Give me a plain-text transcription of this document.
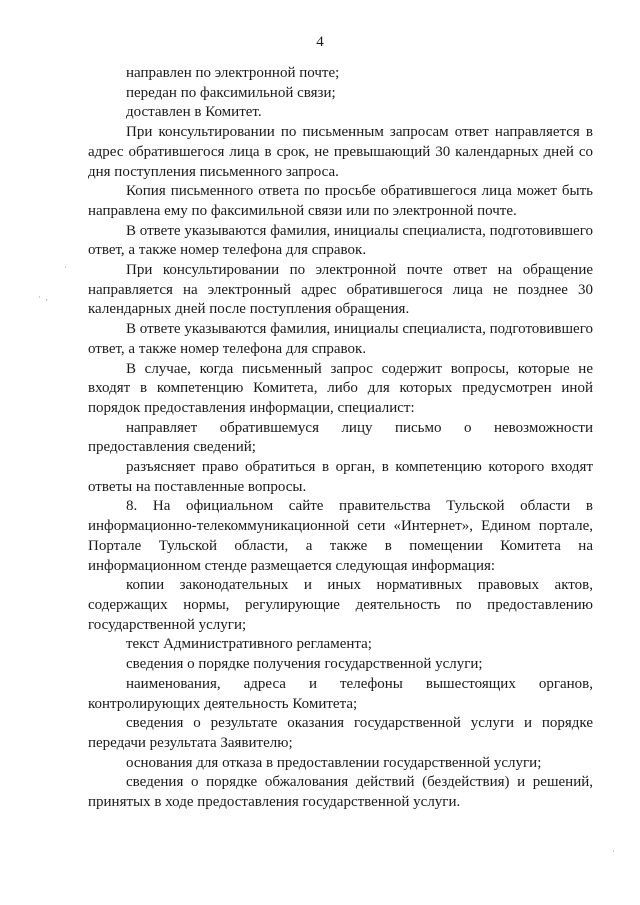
4

направлен по электронной почте;

передан по факсимильной связи;

доставлен в Комитет.

При консультировании по письменным запросам ответ направляется в адрес обратившегося лица в срок, не превышающий 30 календарных дней со дня поступления письменного запроса.

Копия письменного ответа по просьбе обратившегося лица может быть направлена ему по факсимильной связи или по электронной почте.

В ответе указываются фамилия, инициалы специалиста, подготовившего ответ, а также номер телефона для справок.

При консультировании по электронной почте ответ на обращение направляется на электронный адрес обратившегося лица не позднее 30 календарных дней после поступления обращения.

В ответе указываются фамилия, инициалы специалиста, подготовившего ответ, а также номер телефона для справок.

В случае, когда письменный запрос содержит вопросы, которые не входят в компетенцию Комитета, либо для которых предусмотрен иной порядок предоставления информации, специалист:

направляет обратившемуся лицу письмо о невозможности предоставления сведений;

разъясняет право обратиться в орган, в компетенцию которого входят ответы на поставленные вопросы.

8. На официальном сайте правительства Тульской области в информационно-телекоммуникационной сети «Интернет», Едином портале, Портале Тульской области, а также в помещении Комитета на информационном стенде размещается следующая информация:

копии законодательных и иных нормативных правовых актов, содержащих нормы, регулирующие деятельность по предоставлению государственной услуги;

текст Административного регламента;

сведения о порядке получения государственной услуги;

наименования, адреса и телефоны вышестоящих органов, контролирующих деятельность Комитета;

сведения о результате оказания государственной услуги и порядке передачи результата Заявителю;

основания для отказа в предоставлении государственной услуги;

сведения о порядке обжалования действий (бездействия) и решений, принятых в ходе предоставления государственной услуги.

·  ,
·
·
